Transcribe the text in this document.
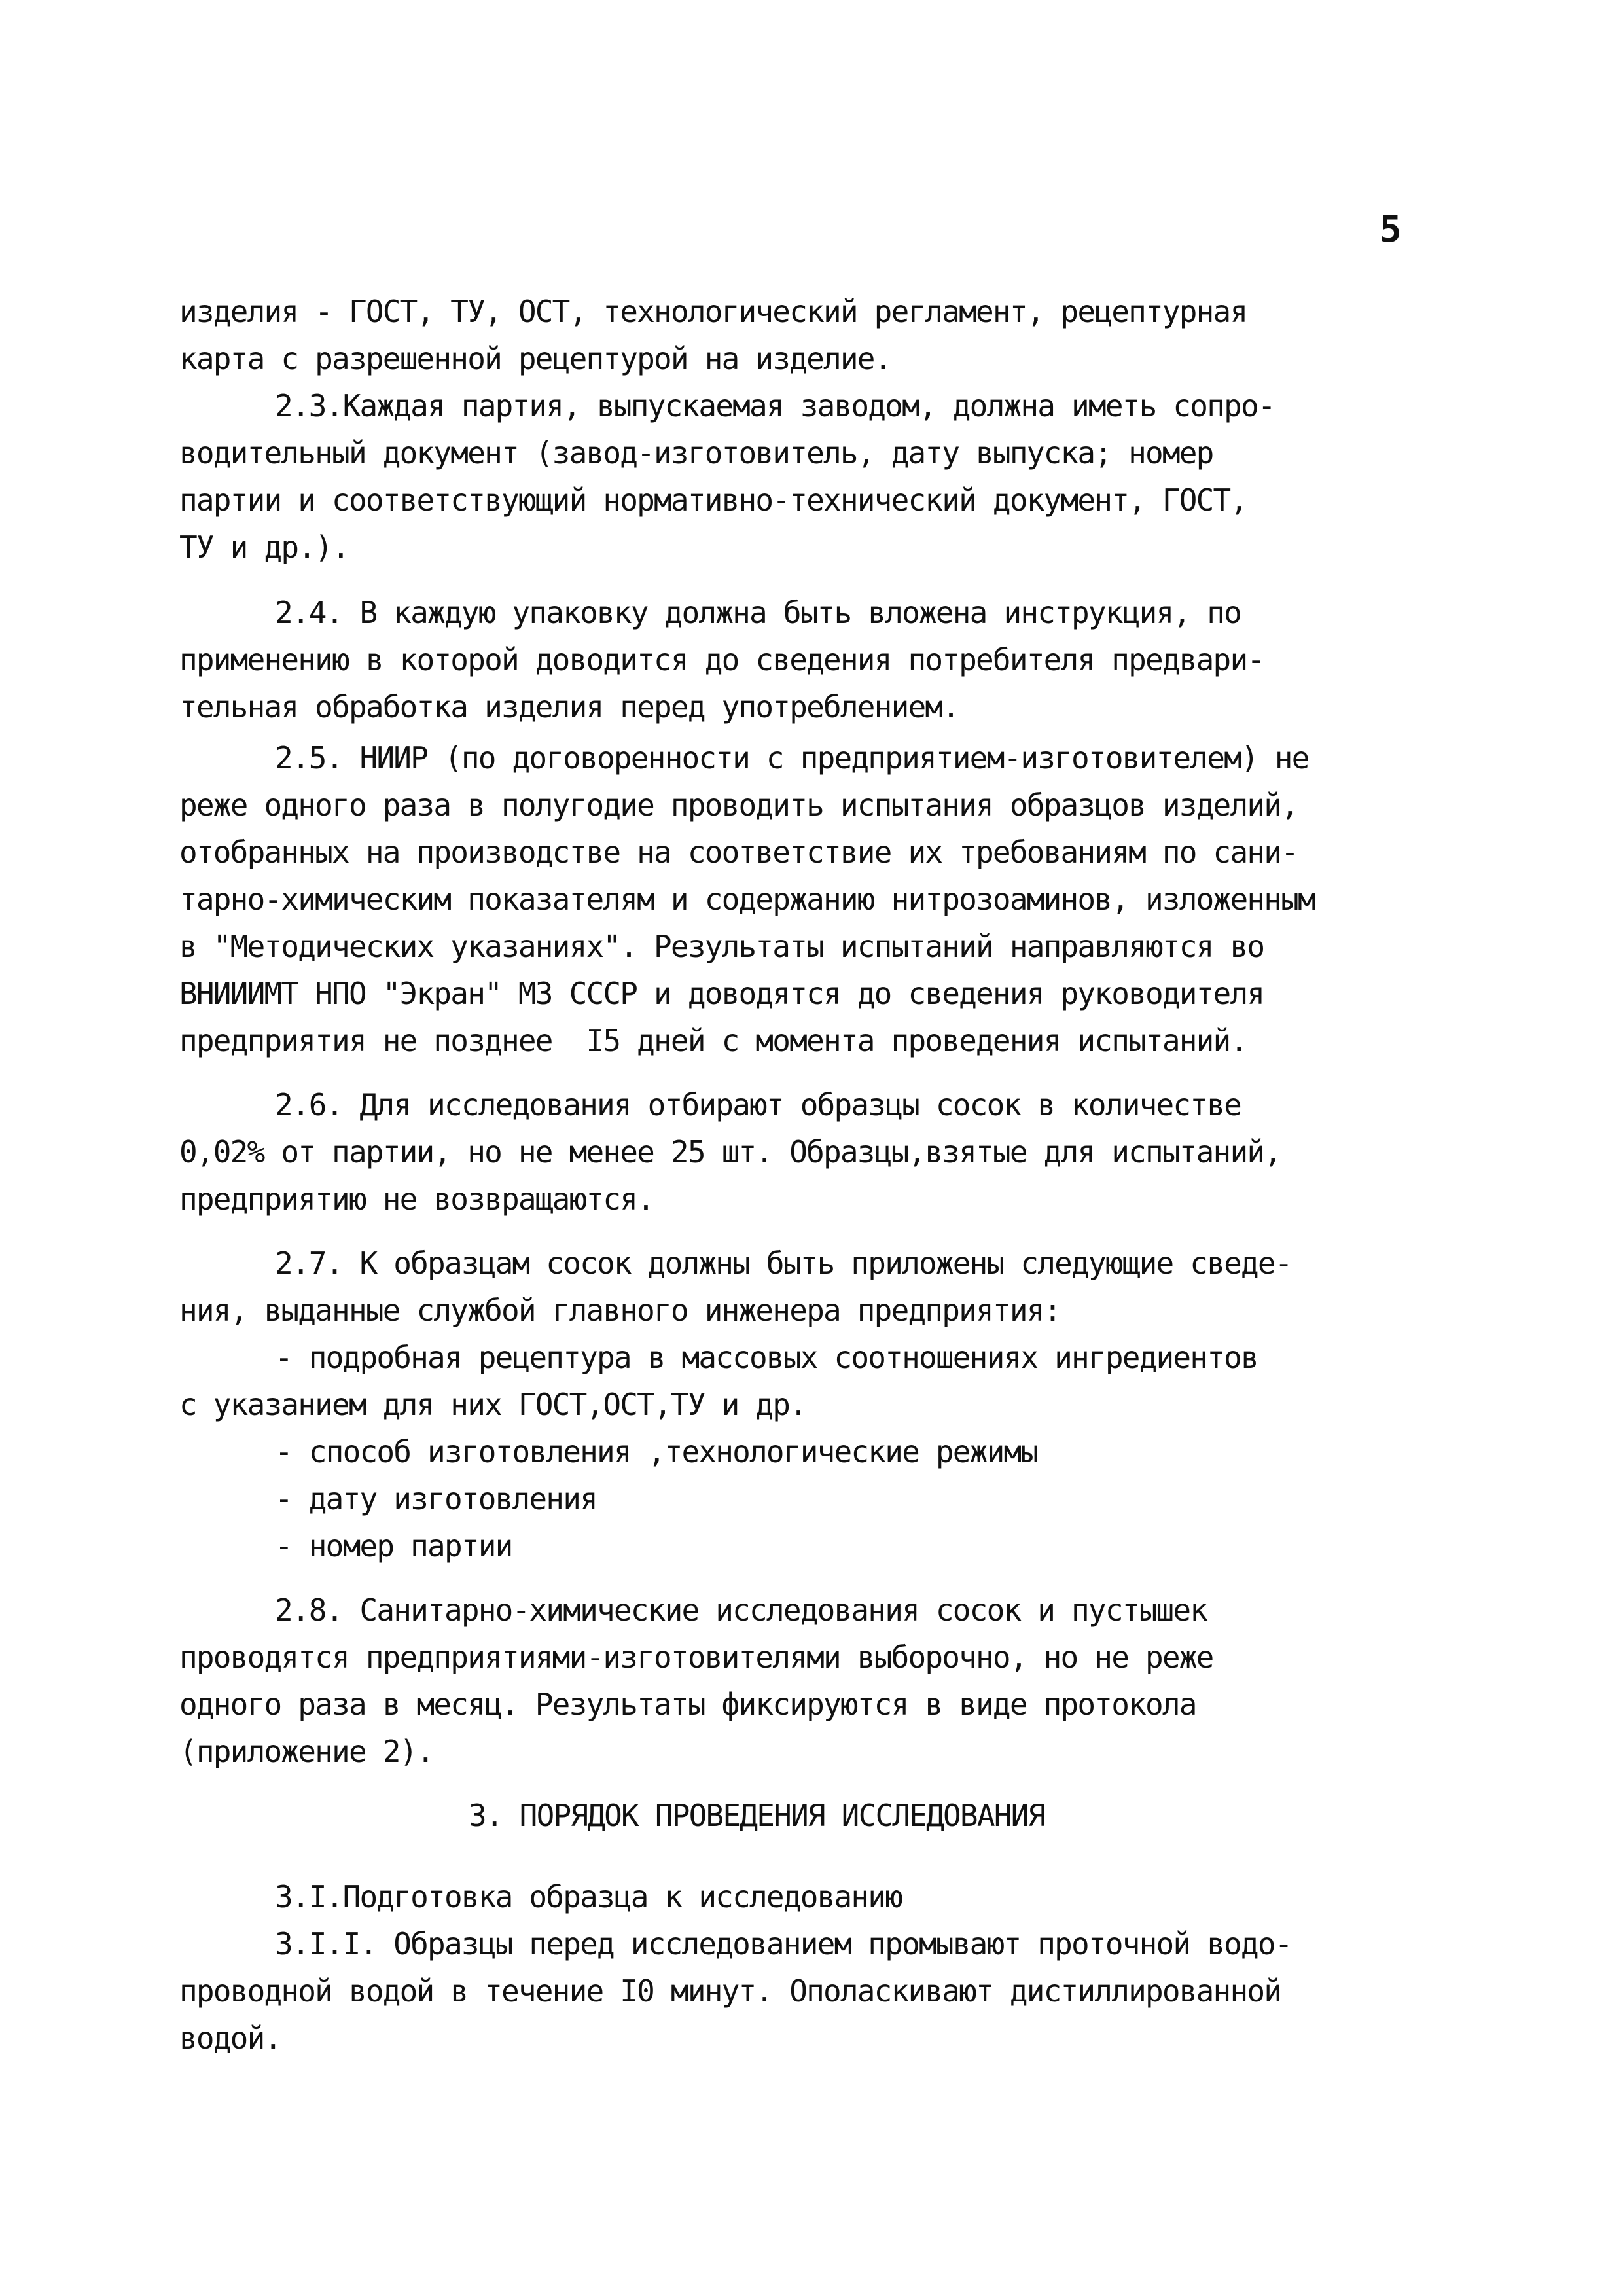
5
изделия - ГОСТ, ТУ, ОСТ, технологический регламент, рецептурная
карта с разрешенной рецептурой на изделие.
2.3.Каждая партия, выпускаемая заводом, должна иметь сопро-
водительный документ (завод-изготовитель, дату выпуска; номер
партии и соответствующий нормативно-технический документ, ГОСТ,
ТУ и др.).
2.4. В каждую упаковку должна быть вложена инструкция, по
применению в которой доводится до сведения потребителя предвари-
тельная обработка изделия перед употреблением.
2.5. НИИР (по договоренности с предприятием-изготовителем) не
реже одного раза в полугодие проводить испытания образцов изделий,
отобранных на производстве на соответствие их требованиям по сани-
тарно-химическим показателям и содержанию нитрозоаминов, изложенным
в "Методических указаниях". Результаты испытаний направляются во
ВНИИИМТ НПО "Экран" МЗ СССР и доводятся до сведения руководителя
предприятия не позднее  I5 дней с момента проведения испытаний.
2.6. Для исследования отбирают образцы сосок в количестве
0,02% от партии, но не менее 25 шт. Образцы,взятые для испытаний,
предприятию не возвращаются.
2.7. К образцам сосок должны быть приложены следующие сведе-
ния, выданные службой главного инженера предприятия:
- подробная рецептура в массовых соотношениях ингредиентов
с указанием для них ГОСТ,ОСТ,ТУ и др.
- способ изготовления ,технологические режимы
- дату изготовления
- номер партии
2.8. Санитарно-химические исследования сосок и пустышек
проводятся предприятиями-изготовителями выборочно, но не реже
одного раза в месяц. Результаты фиксируются в виде протокола
(приложение 2).
3. ПОРЯДОК ПРОВЕДЕНИЯ ИССЛЕДОВАНИЯ
3.I.Подготовка образца к исследованию
3.I.I. Образцы перед исследованием промывают проточной водо-
проводной водой в течение I0 минут. Ополаскивают дистиллированной
водой.
